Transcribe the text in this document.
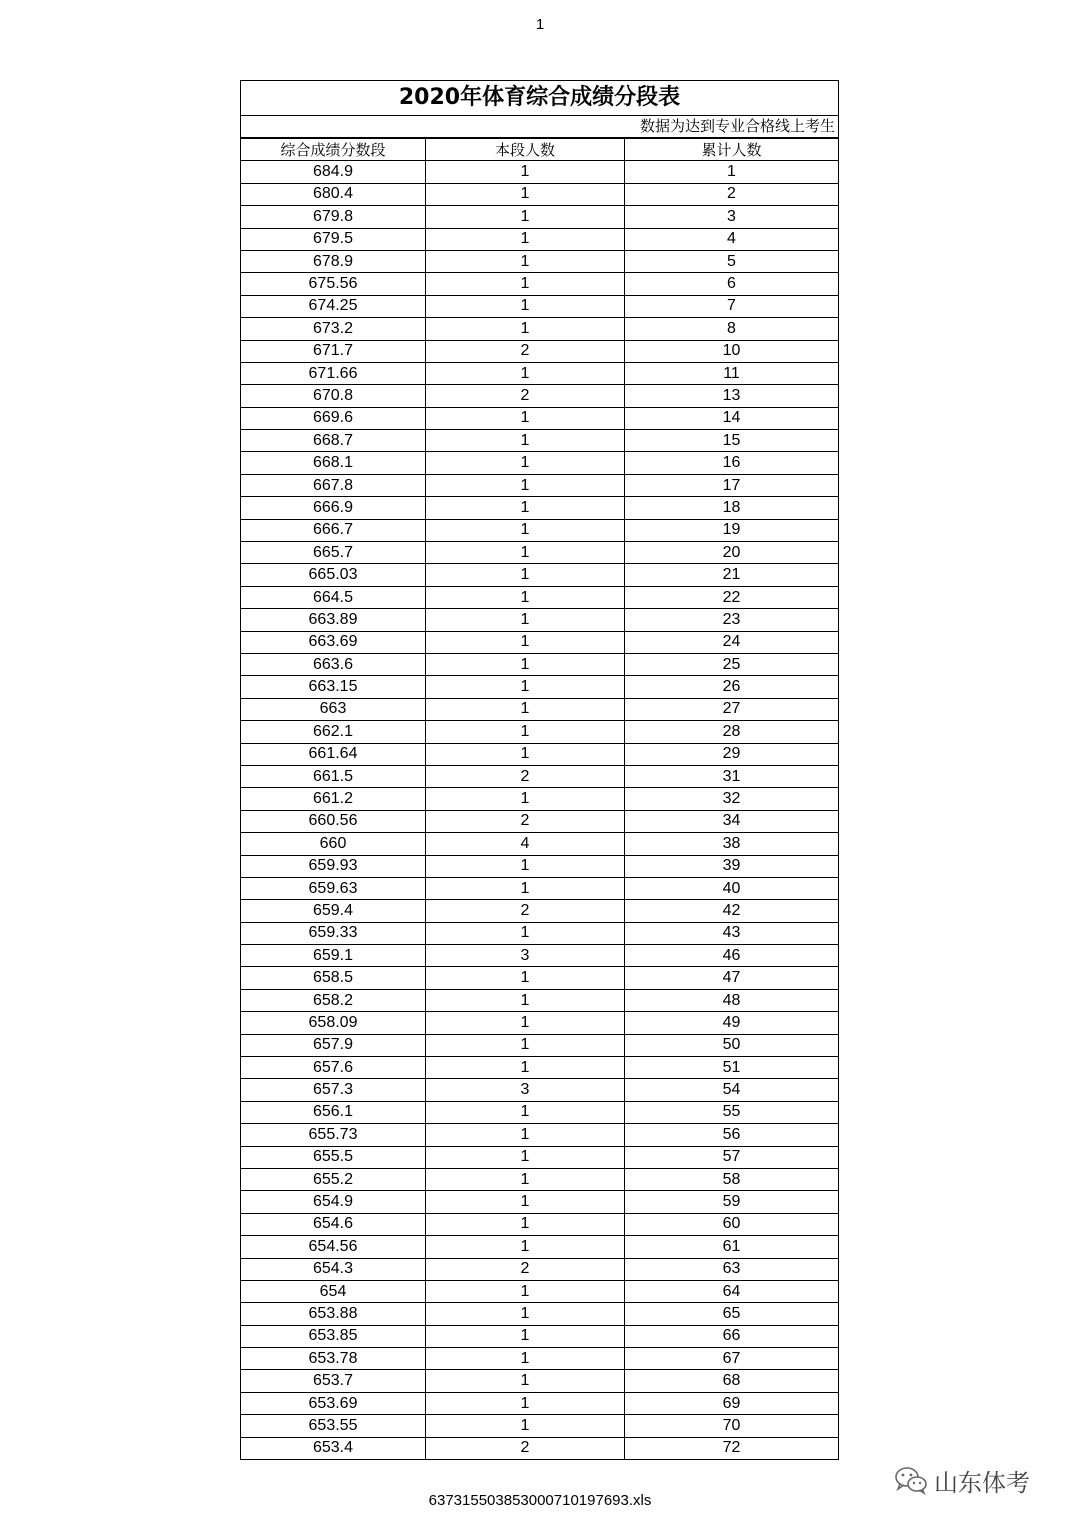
1
2020年体育综合成绩分段表
数据为达到专业合格线上考生
综合成绩分数段	本段人数	累计人数
684.9	1	1
680.4	1	2
679.8	1	3
679.5	1	4
678.9	1	5
675.56	1	6
674.25	1	7
673.2	1	8
671.7	2	10
671.66	1	11
670.8	2	13
669.6	1	14
668.7	1	15
668.1	1	16
667.8	1	17
666.9	1	18
666.7	1	19
665.7	1	20
665.03	1	21
664.5	1	22
663.89	1	23
663.69	1	24
663.6	1	25
663.15	1	26
663	1	27
662.1	1	28
661.64	1	29
661.5	2	31
661.2	1	32
660.56	2	34
660	4	38
659.93	1	39
659.63	1	40
659.4	2	42
659.33	1	43
659.1	3	46
658.5	1	47
658.2	1	48
658.09	1	49
657.9	1	50
657.6	1	51
657.3	3	54
656.1	1	55
655.73	1	56
655.5	1	57
655.2	1	58
654.9	1	59
654.6	1	60
654.56	1	61
654.3	2	63
654	1	64
653.88	1	65
653.85	1	66
653.78	1	67
653.7	1	68
653.69	1	69
653.55	1	70
653.4	2	72
山东体考
637315503853000710197693.xls
